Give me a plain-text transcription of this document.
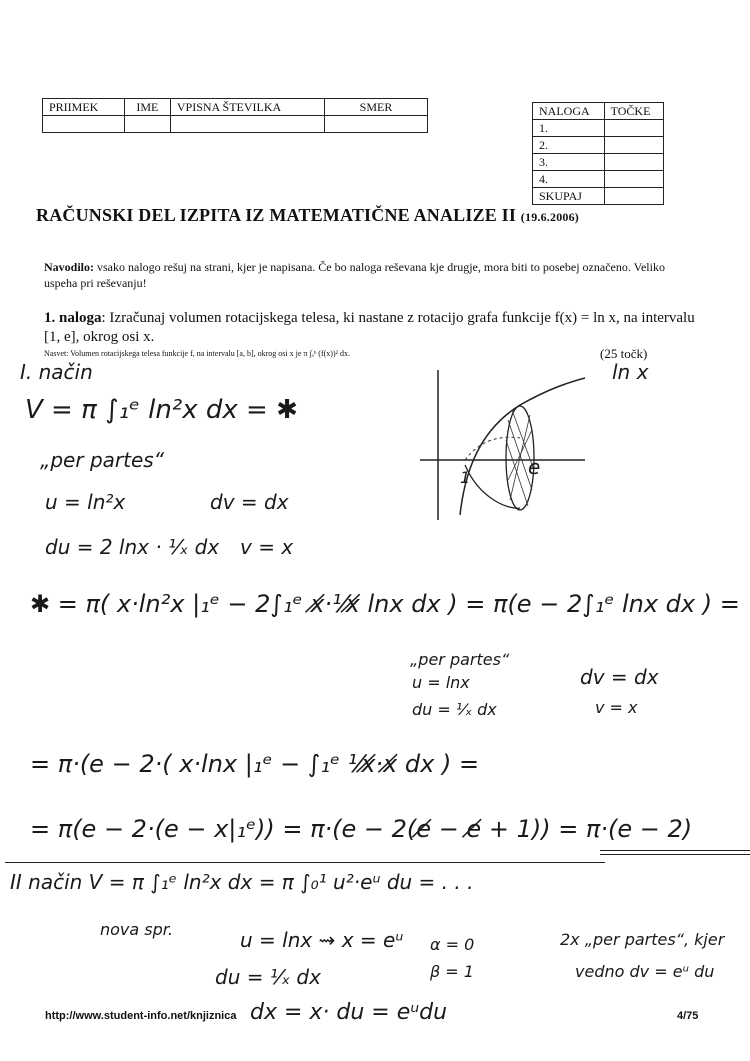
PRIIMEK	IME	VPISNA ŠTEVILKA	SMER
				NALOGA	TOČKE
1.	
2.	
3.	
4.	
SKUPAJ	
RAČUNSKI DEL IZPITA IZ MATEMATIČNE ANALIZE II (19.6.2006)
Navodilo: vsako nalogo rešuj na strani, kjer je napisana. Če bo naloga reševana kje drugje, mora biti to posebej označeno. Veliko uspeha pri reševanju!
1. naloga: Izračunaj volumen rotacijskega telesa, ki nastane z rotacijo grafa funkcije f(x) = ln x, na intervalu [1, e], okrog osi x.
Nasvet: Volumen rotacijskega telesa funkcije f, na intervalu [a, b], okrog osi x je π ∫ₐᵇ (f(x))² dx.	(25 točk)
ln x
e
1
I. način
V = π ∫₁ᵉ ln²x dx = ✱
„per partes“
u = ln²x	dv = dx
du = 2 lnx · ¹⁄ₓ dx v = x
✱ = π( x·ln²x |₁ᵉ − 2∫₁ᵉ x̸·¹⁄x̸ lnx dx ) = π(e − 2∫₁ᵉ lnx dx ) =
„per partes“
u = lnx	dv = dx
du = ¹⁄ₓ dx	v = x
= π·(e − 2·( x·lnx |₁ᵉ − ∫₁ᵉ ¹⁄x̸·x̸ dx ) =
= π(e − 2·(e − x|₁ᵉ)) = π·(e − 2(e̸ − e̸ + 1)) = π·(e − 2)
II način V = π ∫₁ᵉ ln²x dx = π ∫₀¹ u²·eᵘ du = . . .
nova spr.	u = lnx ⇝ x = eᵘ α = 0	2x „per partes“, kjer
du = ¹⁄ₓ dx	β = 1	vedno dv = eᵘ du
dx = x· du = eᵘdu
http://www.student-info.net/knjiznica	4/75
